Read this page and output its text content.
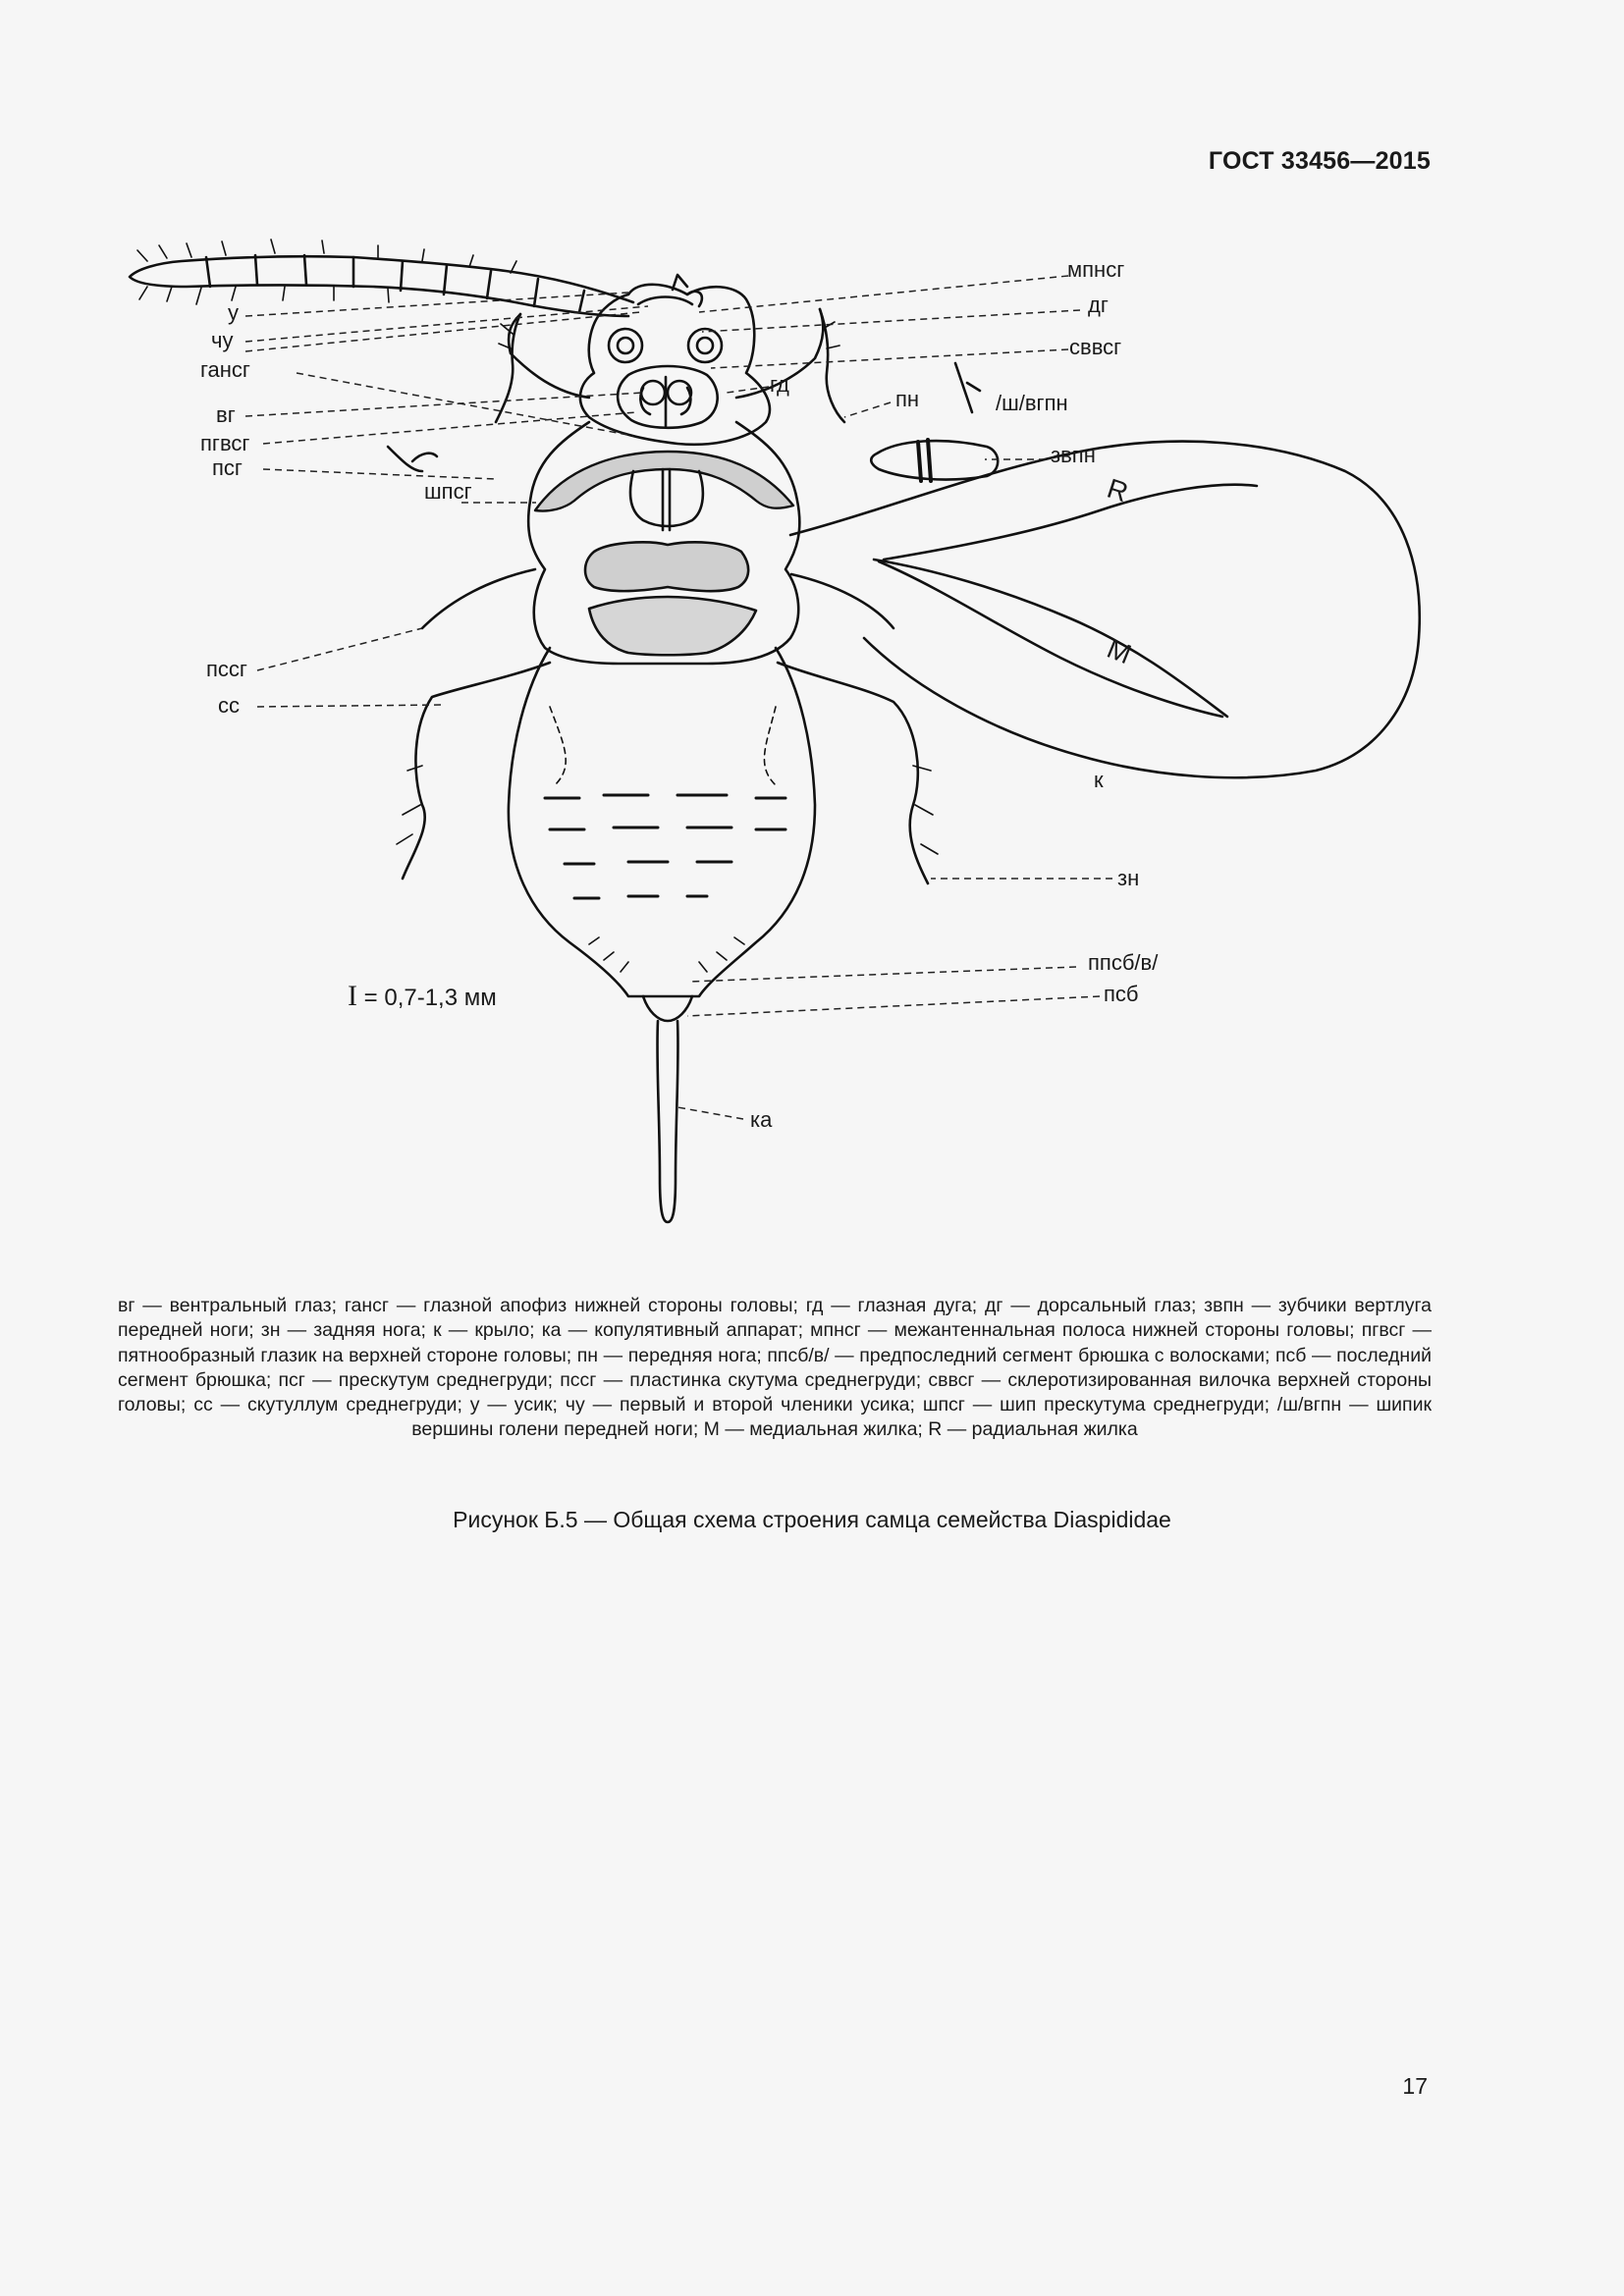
ГОСТ 33456—2015
у
чу
гансг
вг
пгвсг
псг
шпсг
пссг
сс
мпнсг
дг
сввсг
гд
пн	/ш/вгпн
звпн
R
M
к
зн
ппсб/в/
псб
ка
I = 0,7-1,3 мм
вг — вентральный глаз; гансг — глазной апофиз нижней стороны головы; гд — глазная дуга; дг — дорсальный глаз; звпн — зубчики вертлуга передней ноги; зн — задняя нога; к — крыло; ка — копулятивный аппарат; мпнсг — межантеннальная полоса нижней стороны головы; пгвсг — пятнообразный глазик на верхней стороне головы; пн — передняя нога; ппсб/в/ — предпоследний сегмент брюшка с волосками; псб — последний сегмент брюшка; псг — прескутум среднегруди; пссг — пластинка скутума среднегруди; сввсг — склеротизированная вилочка верхней стороны головы; сс — скутуллум среднегруди; у — усик; чу — первый и второй членики усика; шпсг — шип прескутума среднегруди; /ш/вгпн — шипик вершины голени передней ноги; M — медиальная жилка; R — радиальная жилка
Рисунок Б.5 — Общая схема строения самца семейства Diaspididae
17
